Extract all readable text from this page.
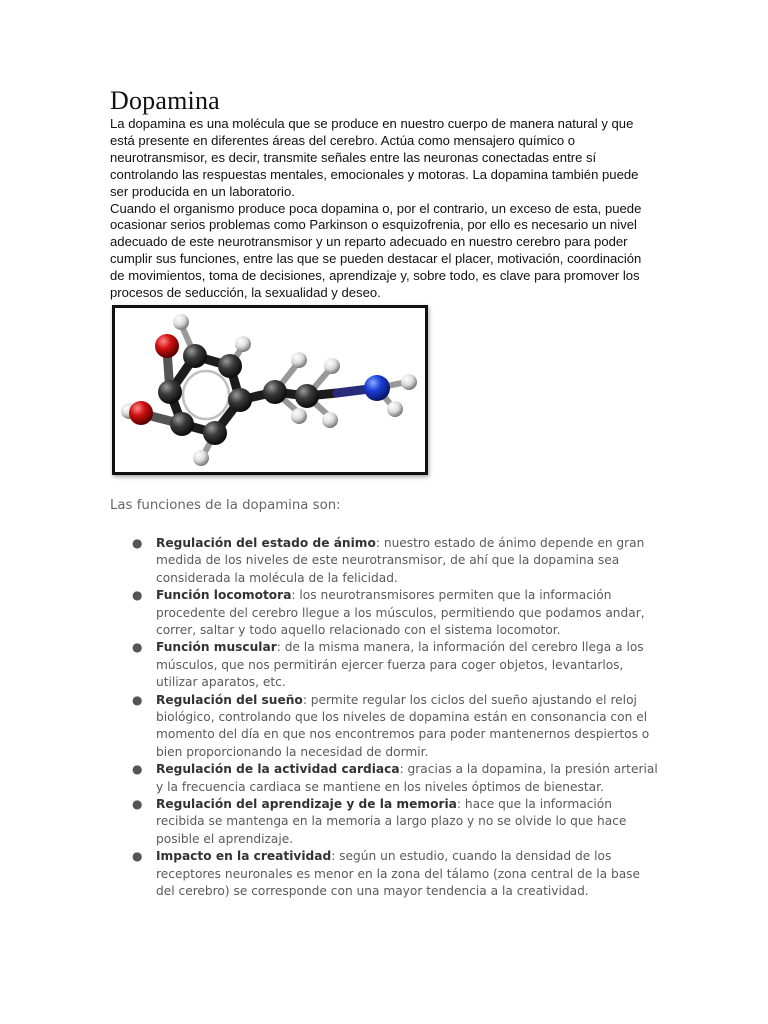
Dopamina

La dopamina es una molécula que se produce en nuestro cuerpo de manera natural y que está presente en diferentes áreas del cerebro. Actúa como mensajero químico o neurotransmisor, es decir, transmite señales entre las neuronas conectadas entre sí controlando las respuestas mentales, emocionales y motoras. La dopamina también puede ser producida en un laboratorio.

Cuando el organismo produce poca dopamina o, por el contrario, un exceso de esta, puede ocasionar serios problemas como Parkinson o esquizofrenia, por ello es necesario un nivel adecuado de este neurotransmisor y un reparto adecuado en nuestro cerebro para poder cumplir sus funciones, entre las que se pueden destacar el placer, motivación, coordinación de movimientos, toma de decisiones, aprendizaje y, sobre todo, es clave para promover los procesos de seducción, la sexualidad y deseo.

Las funciones de la dopamina son:

● Regulación del estado de ánimo: nuestro estado de ánimo depende en gran medida de los niveles de este neurotransmisor, de ahí que la dopamina sea considerada la molécula de la felicidad.
● Función locomotora: los neurotransmisores permiten que la información procedente del cerebro llegue a los músculos, permitiendo que podamos andar, correr, saltar y todo aquello relacionado con el sistema locomotor.
● Función muscular: de la misma manera, la información del cerebro llega a los músculos, que nos permitirán ejercer fuerza para coger objetos, levantarlos, utilizar aparatos, etc.
● Regulación del sueño: permite regular los ciclos del sueño ajustando el reloj biológico, controlando que los niveles de dopamina están en consonancia con el momento del día en que nos encontremos para poder mantenernos despiertos o bien proporcionando la necesidad de dormir.
● Regulación de la actividad cardiaca: gracias a la dopamina, la presión arterial y la frecuencia cardiaca se mantiene en los niveles óptimos de bienestar.
● Regulación del aprendizaje y de la memoria: hace que la información recibida se mantenga en la memoria a largo plazo y no se olvide lo que hace posible el aprendizaje.
● Impacto en la creatividad: según un estudio, cuando la densidad de los receptores neuronales es menor en la zona del tálamo (zona central de la base del cerebro) se corresponde con una mayor tendencia a la creatividad.
